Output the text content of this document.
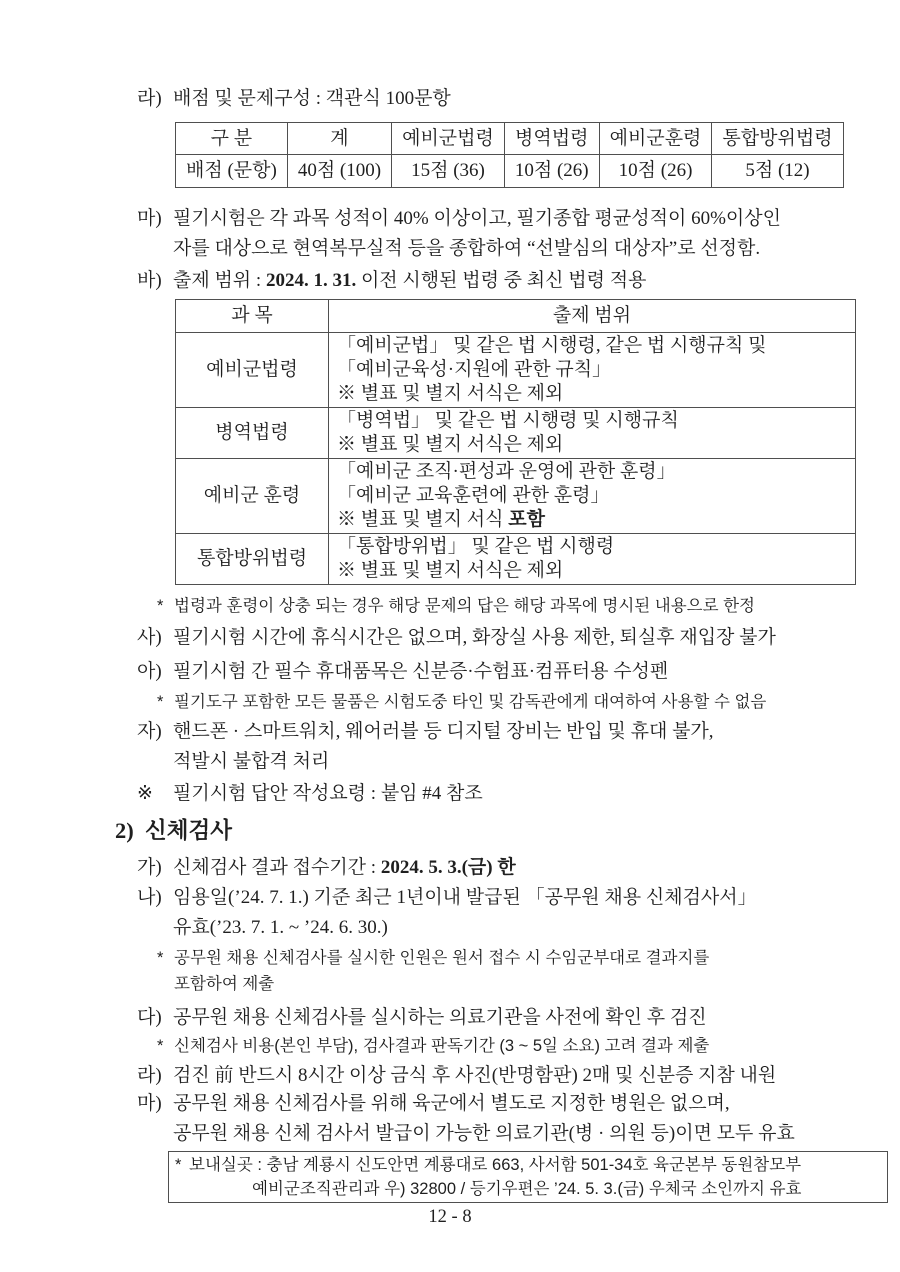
라) 배점 및 문제구성 : 객관식 100문항
구 분	계	예비군법령	병역법령	예비군훈령	통합방위법령
배점 (문항)	40점 (100)	15점 (36)	10점 (26)	10점 (26)	5점 (12)
마) 필기시험은 각 과목 성적이 40% 이상이고, 필기종합 평균성적이 60%이상인
자를 대상으로 현역복무실적 등을 종합하여 “선발심의 대상자”로 선정함.
바) 출제 범위 : 2024. 1. 31. 이전 시행된 법령 중 최신 법령 적용
과 목	출제 범위
예비군법령	「예비군법」 및 같은 법 시행령, 같은 법 시행규칙 및
「예비군육성·지원에 관한 규칙」
※ 별표 및 별지 서식은 제외

병역법령	「병역법」 및 같은 법 시행령 및 시행규칙
※ 별표 및 별지 서식은 제외

예비군 훈령	「예비군 조직·편성과 운영에 관한 훈령」
「예비군 교육훈련에 관한 훈령」
※ 별표 및 별지 서식 포함

통합방위법령	「통합방위법」 및 같은 법 시행령
※ 별표 및 별지 서식은 제외
* 법령과 훈령이 상충 되는 경우 해당 문제의 답은 해당 과목에 명시된 내용으로 한정
사) 필기시험 시간에 휴식시간은 없으며, 화장실 사용 제한, 퇴실후 재입장 불가
아) 필기시험 간 필수 휴대품목은 신분증·수험표·컴퓨터용 수성펜
* 필기도구 포함한 모든 물품은 시험도중 타인 및 감독관에게 대여하여 사용할 수 없음
자) 핸드폰 · 스마트워치, 웨어러블 등 디지털 장비는 반입 및 휴대 불가,
적발시 불합격 처리
※	필기시험 답안 작성요령 : 붙임 #4 참조
2) 신체검사
가) 신체검사 결과 접수기간 : 2024. 5. 3.(금) 한
나) 임용일(’24. 7. 1.) 기준 최근 1년이내 발급된 「공무원 채용 신체검사서」
유효(’23. 7. 1. ~ ’24. 6. 30.)
* 공무원 채용 신체검사를 실시한 인원은 원서 접수 시 수임군부대로 결과지를
포함하여 제출
다) 공무원 채용 신체검사를 실시하는 의료기관을 사전에 확인 후 검진
* 신체검사 비용(본인 부담), 검사결과 판독기간 (3 ~ 5일 소요) 고려 결과 제출
라) 검진 前 반드시 8시간 이상 금식 후 사진(반명함판) 2매 및 신분증 지참 내원
마) 공무원 채용 신체검사를 위해 육군에서 별도로 지정한 병원은 없으며,
공무원 채용 신체 검사서 발급이 가능한 의료기관(병 · 의원 등)이면 모두 유효
* 보내실곳 : 충남 계룡시 신도안면 계룡대로 663, 사서함 501-34호 육군본부 동원참모부
예비군조직관리과 우) 32800 / 등기우편은 ’24. 5. 3.(금) 우체국 소인까지 유효
12 - 8
